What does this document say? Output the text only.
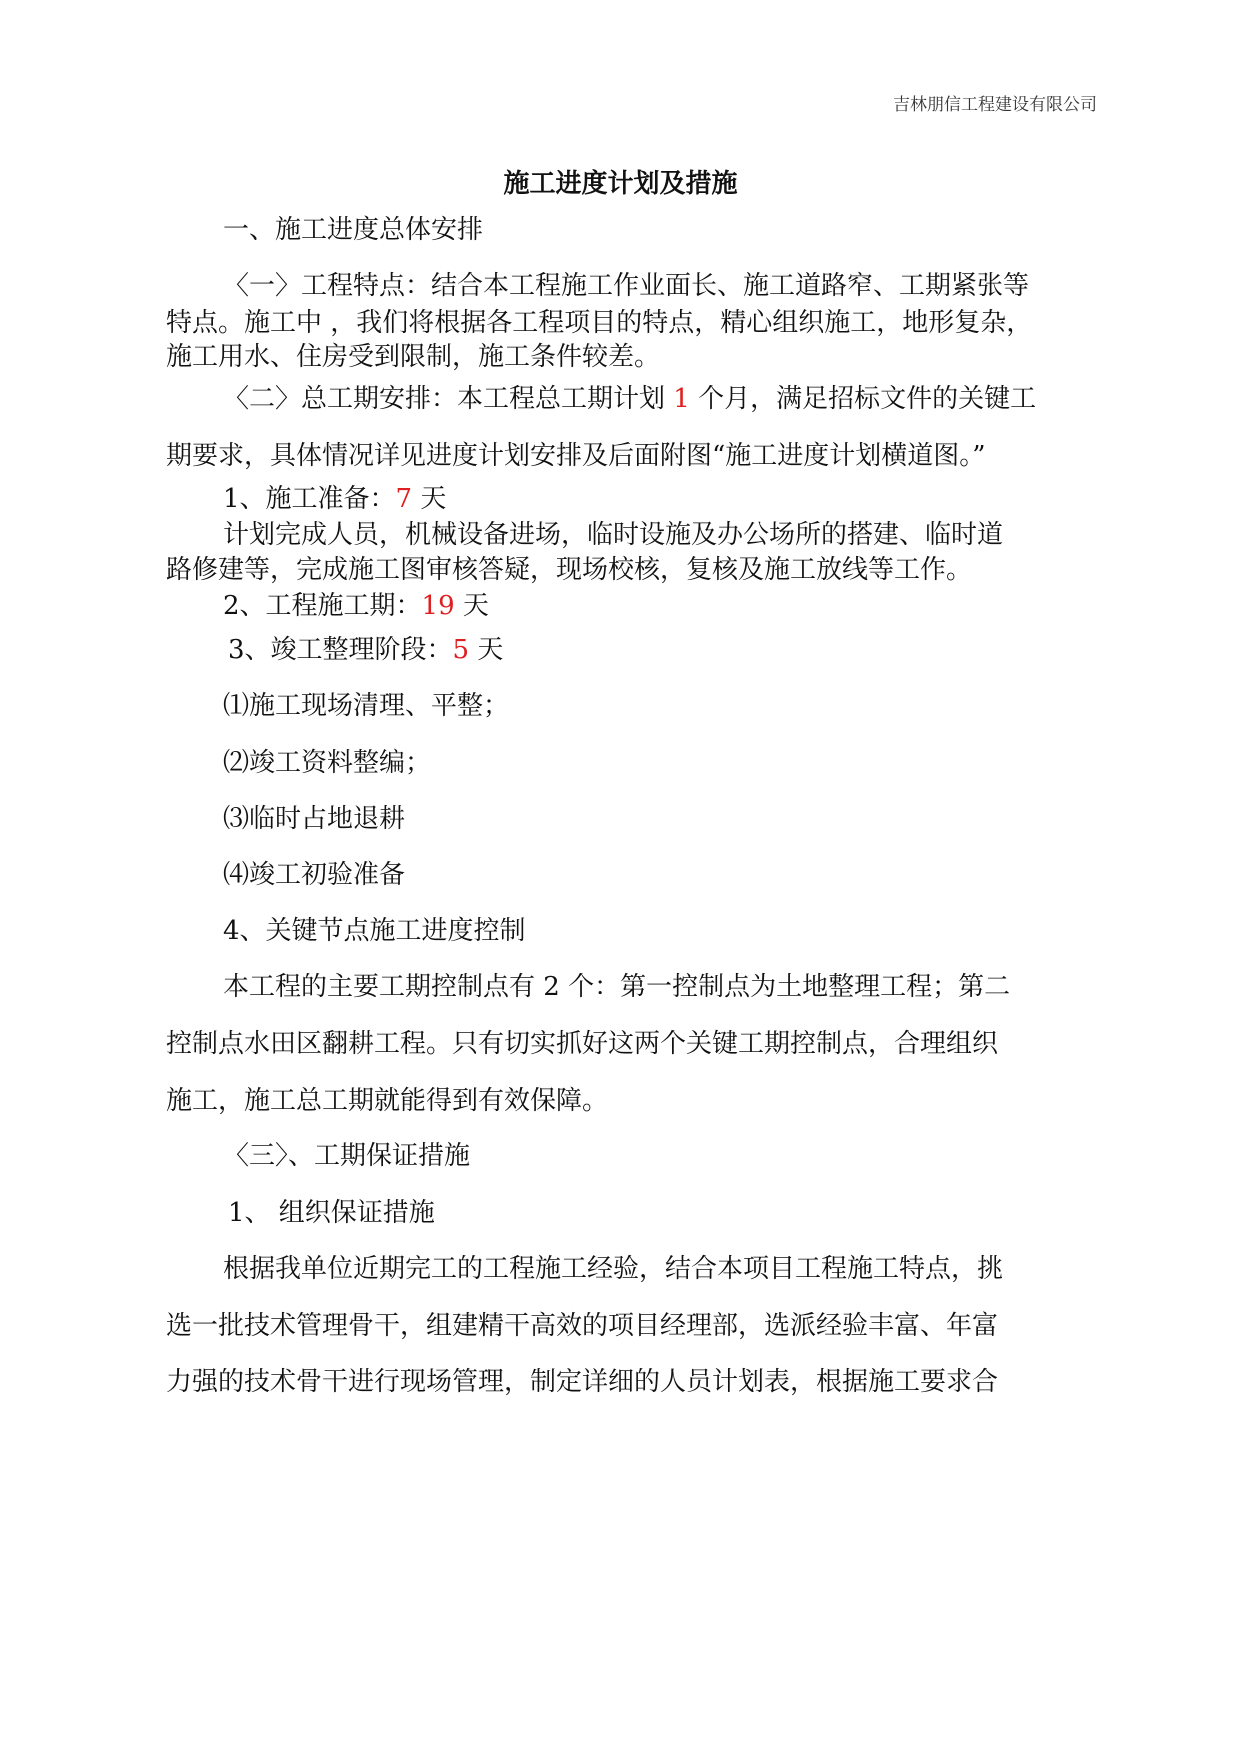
吉林朋信工程建设有限公司
施工进度计划及措施
一、施工进度总体安排
〈一〉工程特点：结合本工程施工作业面长、施工道路窄、工期紧张等
特点。施工中 ，我们将根据各工程项目的特点，精心组织施工，地形复杂，
施工用水、住房受到限制，施工条件较差。
〈二〉总工期安排：本工程总工期计划 1 个月，满足招标文件的关键工
期要求，具体情况详见进度计划安排及后面附图“施工进度计划横道图。”
1、施工准备：7 天
计划完成人员，机械设备进场，临时设施及办公场所的搭建、临时道
路修建等，完成施工图审核答疑，现场校核，复核及施工放线等工作。
2、工程施工期：19 天
3、竣工整理阶段：5 天
⑴施工现场清理、平整；
⑵竣工资料整编；
⑶临时占地退耕
⑷竣工初验准备
4、关键节点施工进度控制
本工程的主要工期控制点有 2 个：第一控制点为土地整理工程；第二
控制点水田区翻耕工程。只有切实抓好这两个关键工期控制点，合理组织
施工，施工总工期就能得到有效保障。
〈三〉、工期保证措施
1、 组织保证措施
根据我单位近期完工的工程施工经验，结合本项目工程施工特点，挑
选一批技术管理骨干，组建精干高效的项目经理部，选派经验丰富、年富
力强的技术骨干进行现场管理，制定详细的人员计划表，根据施工要求合
